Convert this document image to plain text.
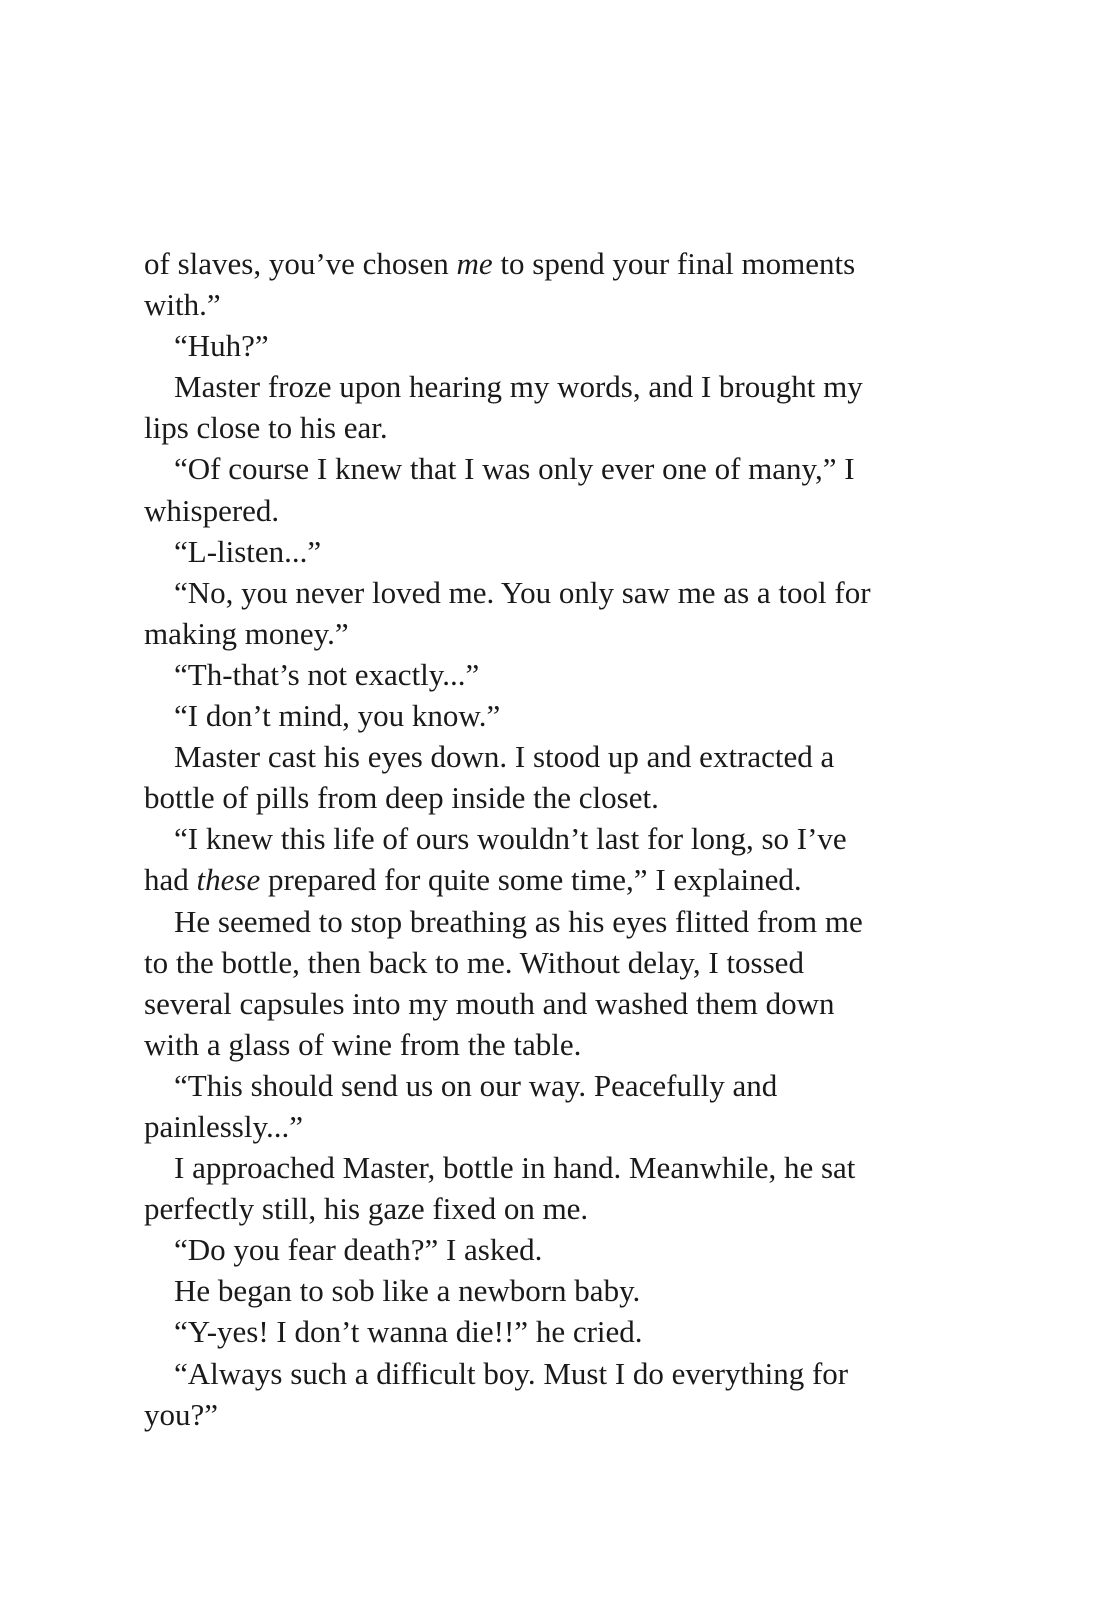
of slaves, you’ve chosen me to spend your final moments
with.”
“Huh?”
Master froze upon hearing my words, and I brought my
lips close to his ear.
“Of course I knew that I was only ever one of many,” I
whispered.
“L-listen...”
“No, you never loved me. You only saw me as a tool for
making money.”
“Th-that’s not exactly...”
“I don’t mind, you know.”
Master cast his eyes down. I stood up and extracted a
bottle of pills from deep inside the closet.
“I knew this life of ours wouldn’t last for long, so I’ve
had these prepared for quite some time,” I explained.
He seemed to stop breathing as his eyes flitted from me
to the bottle, then back to me. Without delay, I tossed
several capsules into my mouth and washed them down
with a glass of wine from the table.
“This should send us on our way. Peacefully and
painlessly...”
I approached Master, bottle in hand. Meanwhile, he sat
perfectly still, his gaze fixed on me.
“Do you fear death?” I asked.
He began to sob like a newborn baby.
“Y-yes! I don’t wanna die!!” he cried.
“Always such a difficult boy. Must I do everything for
you?”
